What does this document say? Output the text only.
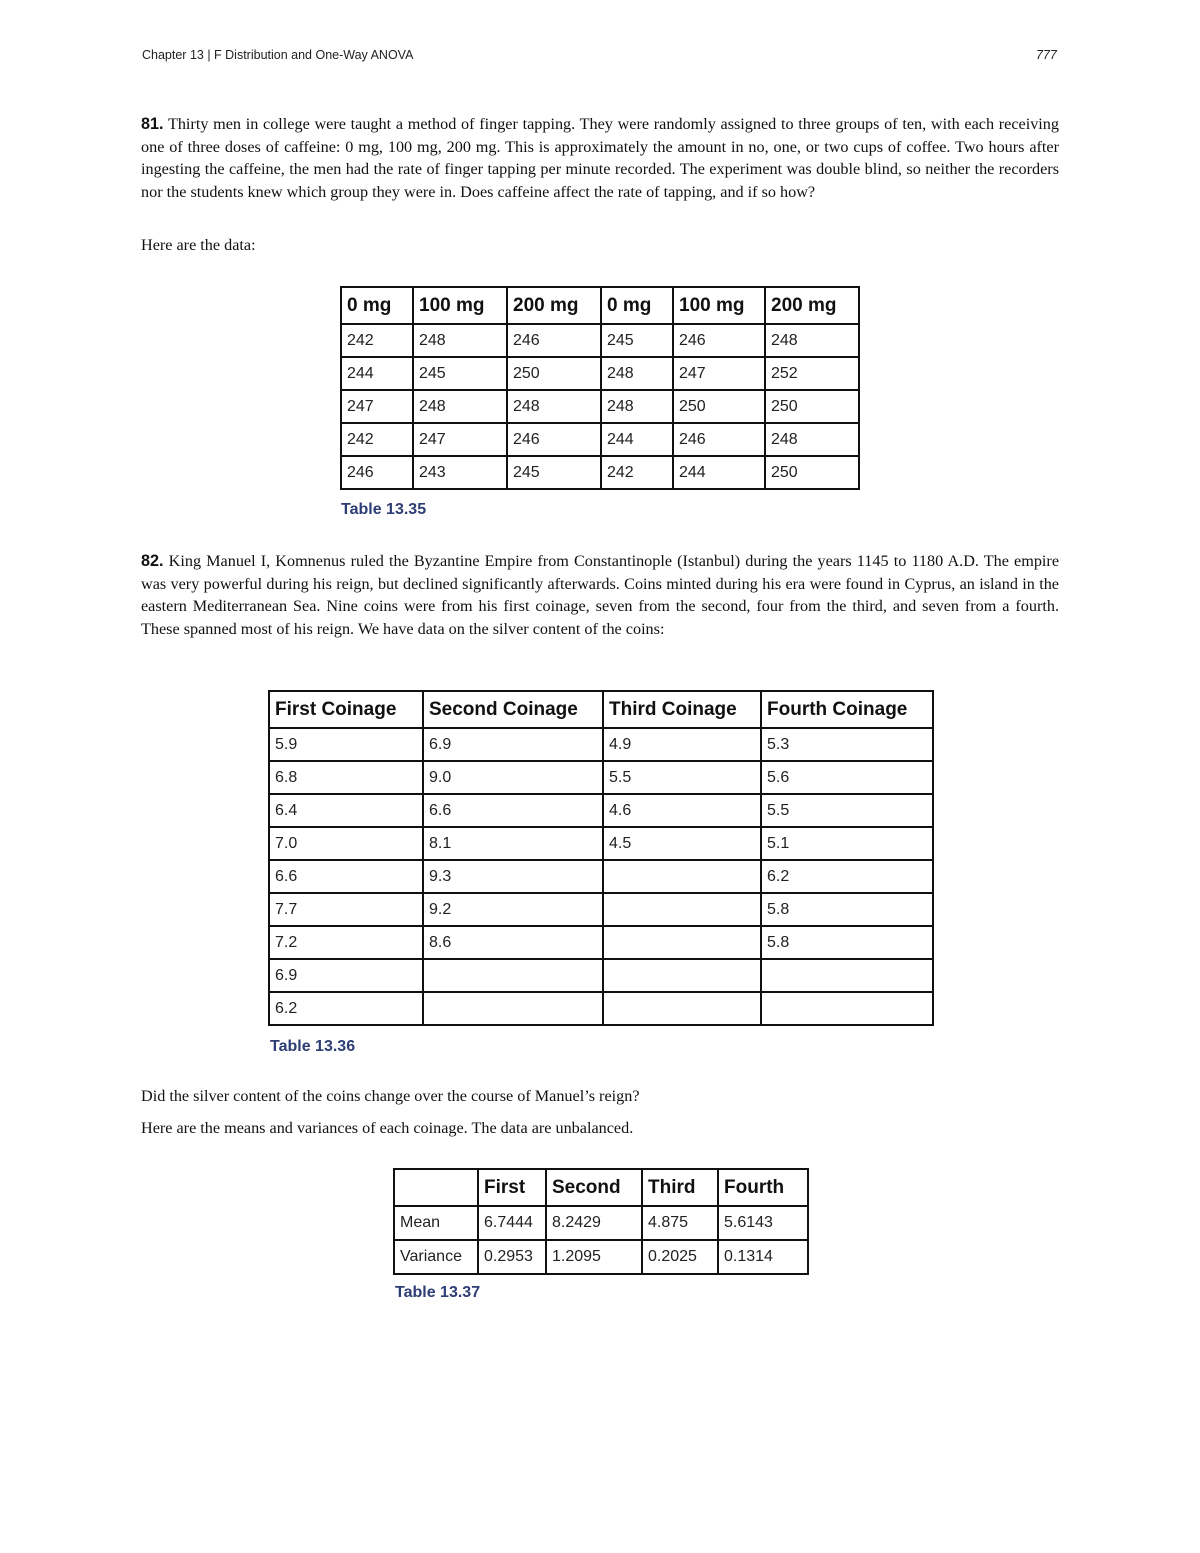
Chapter 13 | F Distribution and One-Way ANOVA	777

81. Thirty men in college were taught a method of finger tapping. They were randomly assigned to three groups of ten, with each receiving one of three doses of caffeine: 0 mg, 100 mg, 200 mg. This is approximately the amount in no, one, or two cups of coffee. Two hours after ingesting the caffeine, the men had the rate of finger tapping per minute recorded. The experiment was double blind, so neither the recorders nor the students knew which group they were in. Does caffeine affect the rate of tapping, and if so how?

Here are the data:

0 mg	100 mg	200 mg	0 mg	100 mg	200 mg
242	248	246	245	246	248
244	245	250	248	247	252
247	248	248	248	250	250
242	247	246	244	246	248
246	243	245	242	244	250
Table 13.35

82. King Manuel I, Komnenus ruled the Byzantine Empire from Constantinople (Istanbul) during the years 1145 to 1180 A.D. The empire was very powerful during his reign, but declined significantly afterwards. Coins minted during his era were found in Cyprus, an island in the eastern Mediterranean Sea. Nine coins were from his first coinage, seven from the second, four from the third, and seven from a fourth. These spanned most of his reign. We have data on the silver content of the coins:

First Coinage	Second Coinage	Third Coinage	Fourth Coinage
5.9	6.9	4.9	5.3
6.8	9.0	5.5	5.6
6.4	6.6	4.6	5.5
7.0	8.1	4.5	5.1
6.6	9.3		6.2
7.7	9.2		5.8
7.2	8.6		5.8
6.9			
6.2			
Table 13.36

Did the silver content of the coins change over the course of Manuel’s reign?

Here are the means and variances of each coinage. The data are unbalanced.

	First	Second	Third	Fourth
Mean	6.7444	8.2429	4.875	5.6143
Variance	0.2953	1.2095	0.2025	0.1314
Table 13.37
